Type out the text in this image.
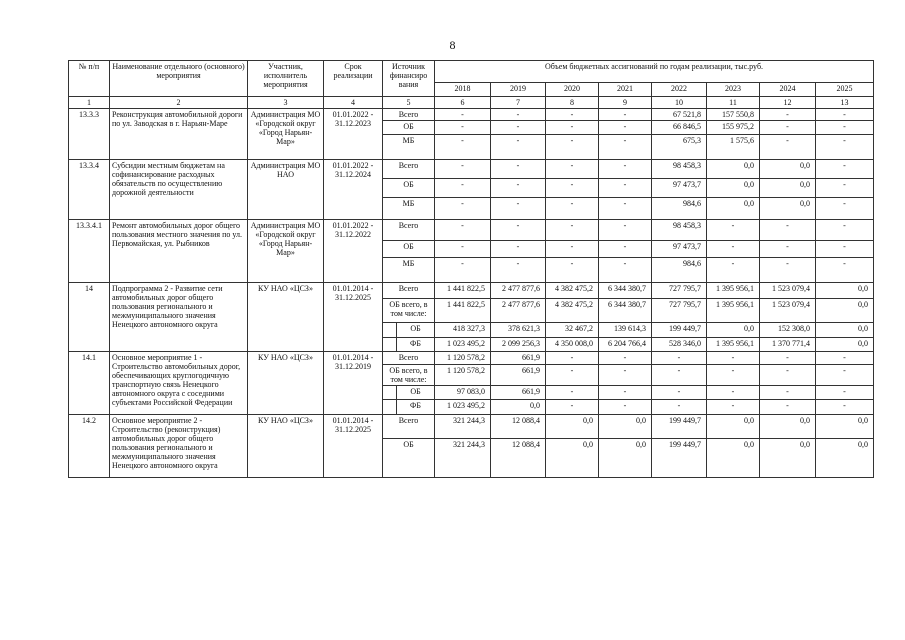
8
№ п/п	Наименование отдельного (основного) мероприятия	Участник, исполнитель мероприятия	Срок реализации	Источник финансиро вания		Объем бюджетных ассигнований по годам реализации, тыс.руб.							
						2018	2019	2020	2021	2022	2023	2024	2025
1	2	3	4	5		6	7	8	9	10	11	12	13
13.3.3	Реконструкция автомобильной дороги по ул. Заводская в г. Нарьян-Маре	Администрация МО «Городской округ «Город Нарьян-Мар»	01.01.2022 - 31.12.2023	Всего		-	-	-	-	67 521,8	157 550,8	-	-
				ОБ		-	-	-	-	66 846,5	155 975,2	-	-
				МБ		-	-	-	-	675,3	1 575,6	-	-
13.3.4	Субсидии местным бюджетам на софинансирование расходных обязательств по осуществлению дорожной деятельности	Администрация МО НАО	01.01.2022 - 31.12.2024	Всего		-	-	-	-	98 458,3	0,0	0,0	-
				ОБ		-	-	-	-	97 473,7	0,0	0,0	-
				МБ		-	-	-	-	984,6	0,0	0,0	-
13.3.4.1	Ремонт автомобильных дорог общего пользования местного значения по ул. Первомайская, ул. Рыбников	Администрация МО «Городской округ «Город Нарьян-Мар»	01.01.2022 - 31.12.2022	Всего		-	-	-	-	98 458,3	-	-	-
				ОБ		-	-	-	-	97 473,7	-	-	-
				МБ		-	-	-	-	984,6	-	-	-
14	Подпрограмма 2 - Развитие сети автомобильных дорог общего пользования регионального и межмуниципального значения Ненецкого автономного округа	КУ НАО «ЦСЗ»	01.01.2014 - 31.12.2025	Всего		1 441 822,5	2 477 877,6	4 382 475,2	6 344 380,7	727 795,7	1 395 956,1	1 523 079,4	0,0
				ОБ всего, в том числе:		1 441 822,5	2 477 877,6	4 382 475,2	6 344 380,7	727 795,7	1 395 956,1	1 523 079,4	0,0
					ОБ	418 327,3	378 621,3	32 467,2	139 614,3	199 449,7	0,0	152 308,0	0,0
					ФБ	1 023 495,2	2 099 256,3	4 350 008,0	6 204 766,4	528 346,0	1 395 956,1	1 370 771,4	0,0
14.1	Основное мероприятие 1 - Строительство автомобильных дорог, обеспечивающих круглогодичную транспортную связь Ненецкого автономного округа с соседними субъектами Российской Федерации	КУ НАО «ЦСЗ»	01.01.2014 - 31.12.2019	Всего		1 120 578,2	661,9	-	-	-	-	-	-
				ОБ всего, в том числе:		1 120 578,2	661,9	-	-	-	-	-	-
					ОБ	97 083,0	661,9	-	-	-	-	-	-
					ФБ	1 023 495,2	0,0	-	-	-	-	-	-
14.2	Основное мероприятие 2 - Строительство (реконструкция) автомобильных дорог общего пользования регионального и межмуниципального значения Ненецкого автономного округа	КУ НАО «ЦСЗ»	01.01.2014 - 31.12.2025	Всего		321 244,3	12 088,4	0,0	0,0	199 449,7	0,0	0,0	0,0
				ОБ		321 244,3	12 088,4	0,0	0,0	199 449,7	0,0	0,0	0,0
